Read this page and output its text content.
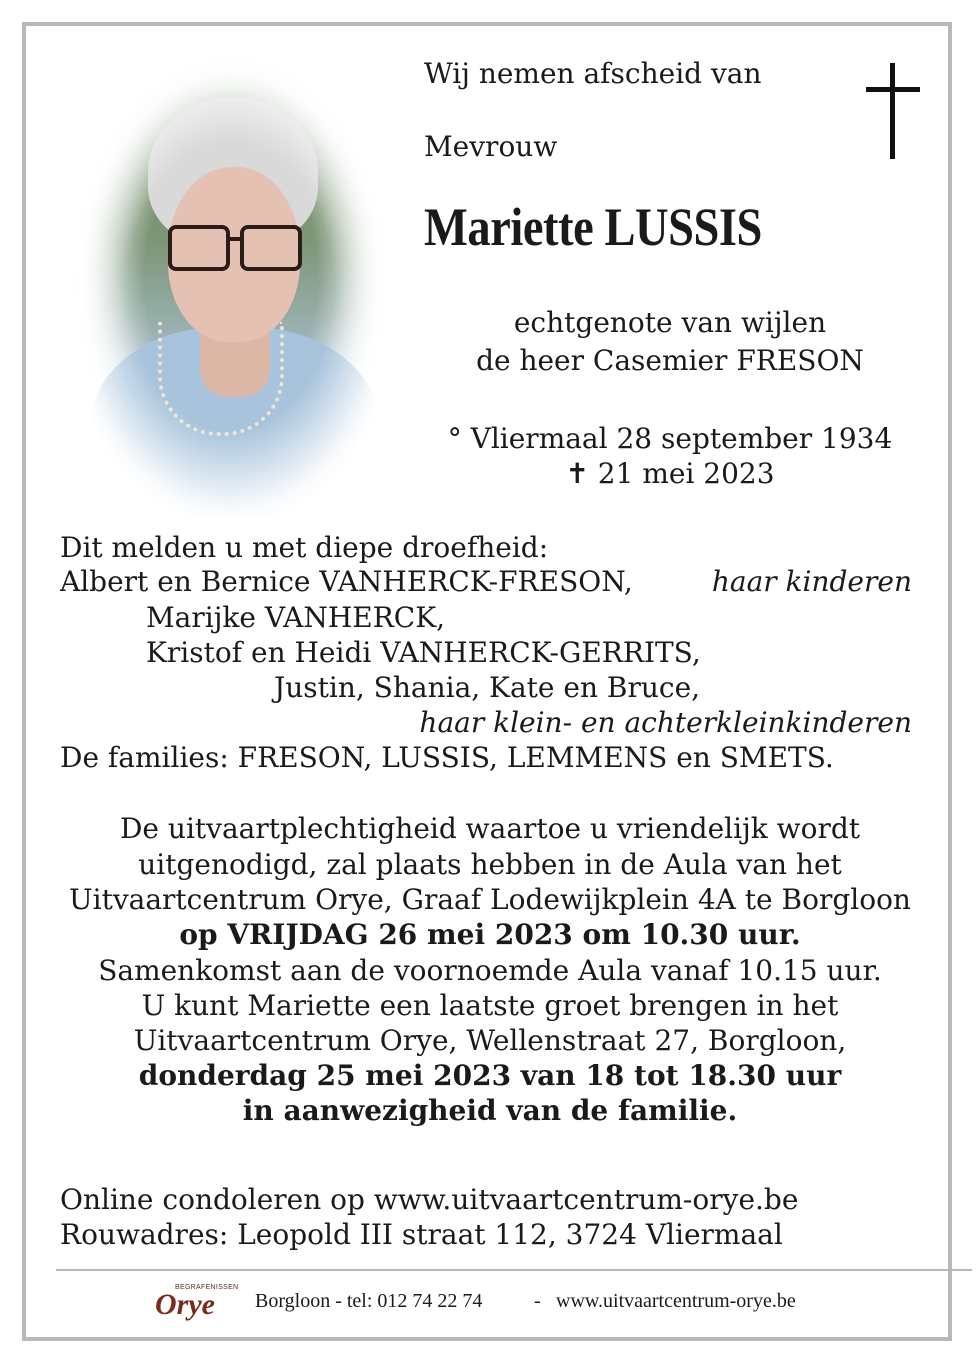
Wij nemen afscheid van
Mevrouw
Mariette LUSSIS
echtgenote van wijlen
de heer Casemier FRESON
° Vliermaal 28 september 1934
✝ 21 mei 2023
Dit melden u met diepe droefheid:
Albert en Bernice VANHERCK-FRESON,	haar kinderen
Marijke VANHERCK,
Kristof en Heidi VANHERCK-GERRITS,
Justin, Shania, Kate en Bruce,
haar klein- en achterkleinkinderen
De families: FRESON, LUSSIS, LEMMENS en SMETS.
De uitvaartplechtigheid waartoe u vriendelijk wordt
uitgenodigd, zal plaats hebben in de Aula van het
Uitvaartcentrum Orye, Graaf Lodewijkplein 4A te Borgloon
op VRIJDAG 26 mei 2023 om 10.30 uur.
Samenkomst aan de voornoemde Aula vanaf 10.15 uur.
U kunt Mariette een laatste groet brengen in het
Uitvaartcentrum Orye, Wellenstraat 27, Borgloon,
donderdag 25 mei 2023 van 18 tot 18.30 uur
in aanwezigheid van de familie.
Online condoleren op www.uitvaartcentrum-orye.be
Rouwadres: Leopold III straat 112, 3724 Vliermaal
BEGRAFENISSEN
Orye Borgloon - tel: 012 74 22 74	- www.uitvaartcentrum-orye.be
